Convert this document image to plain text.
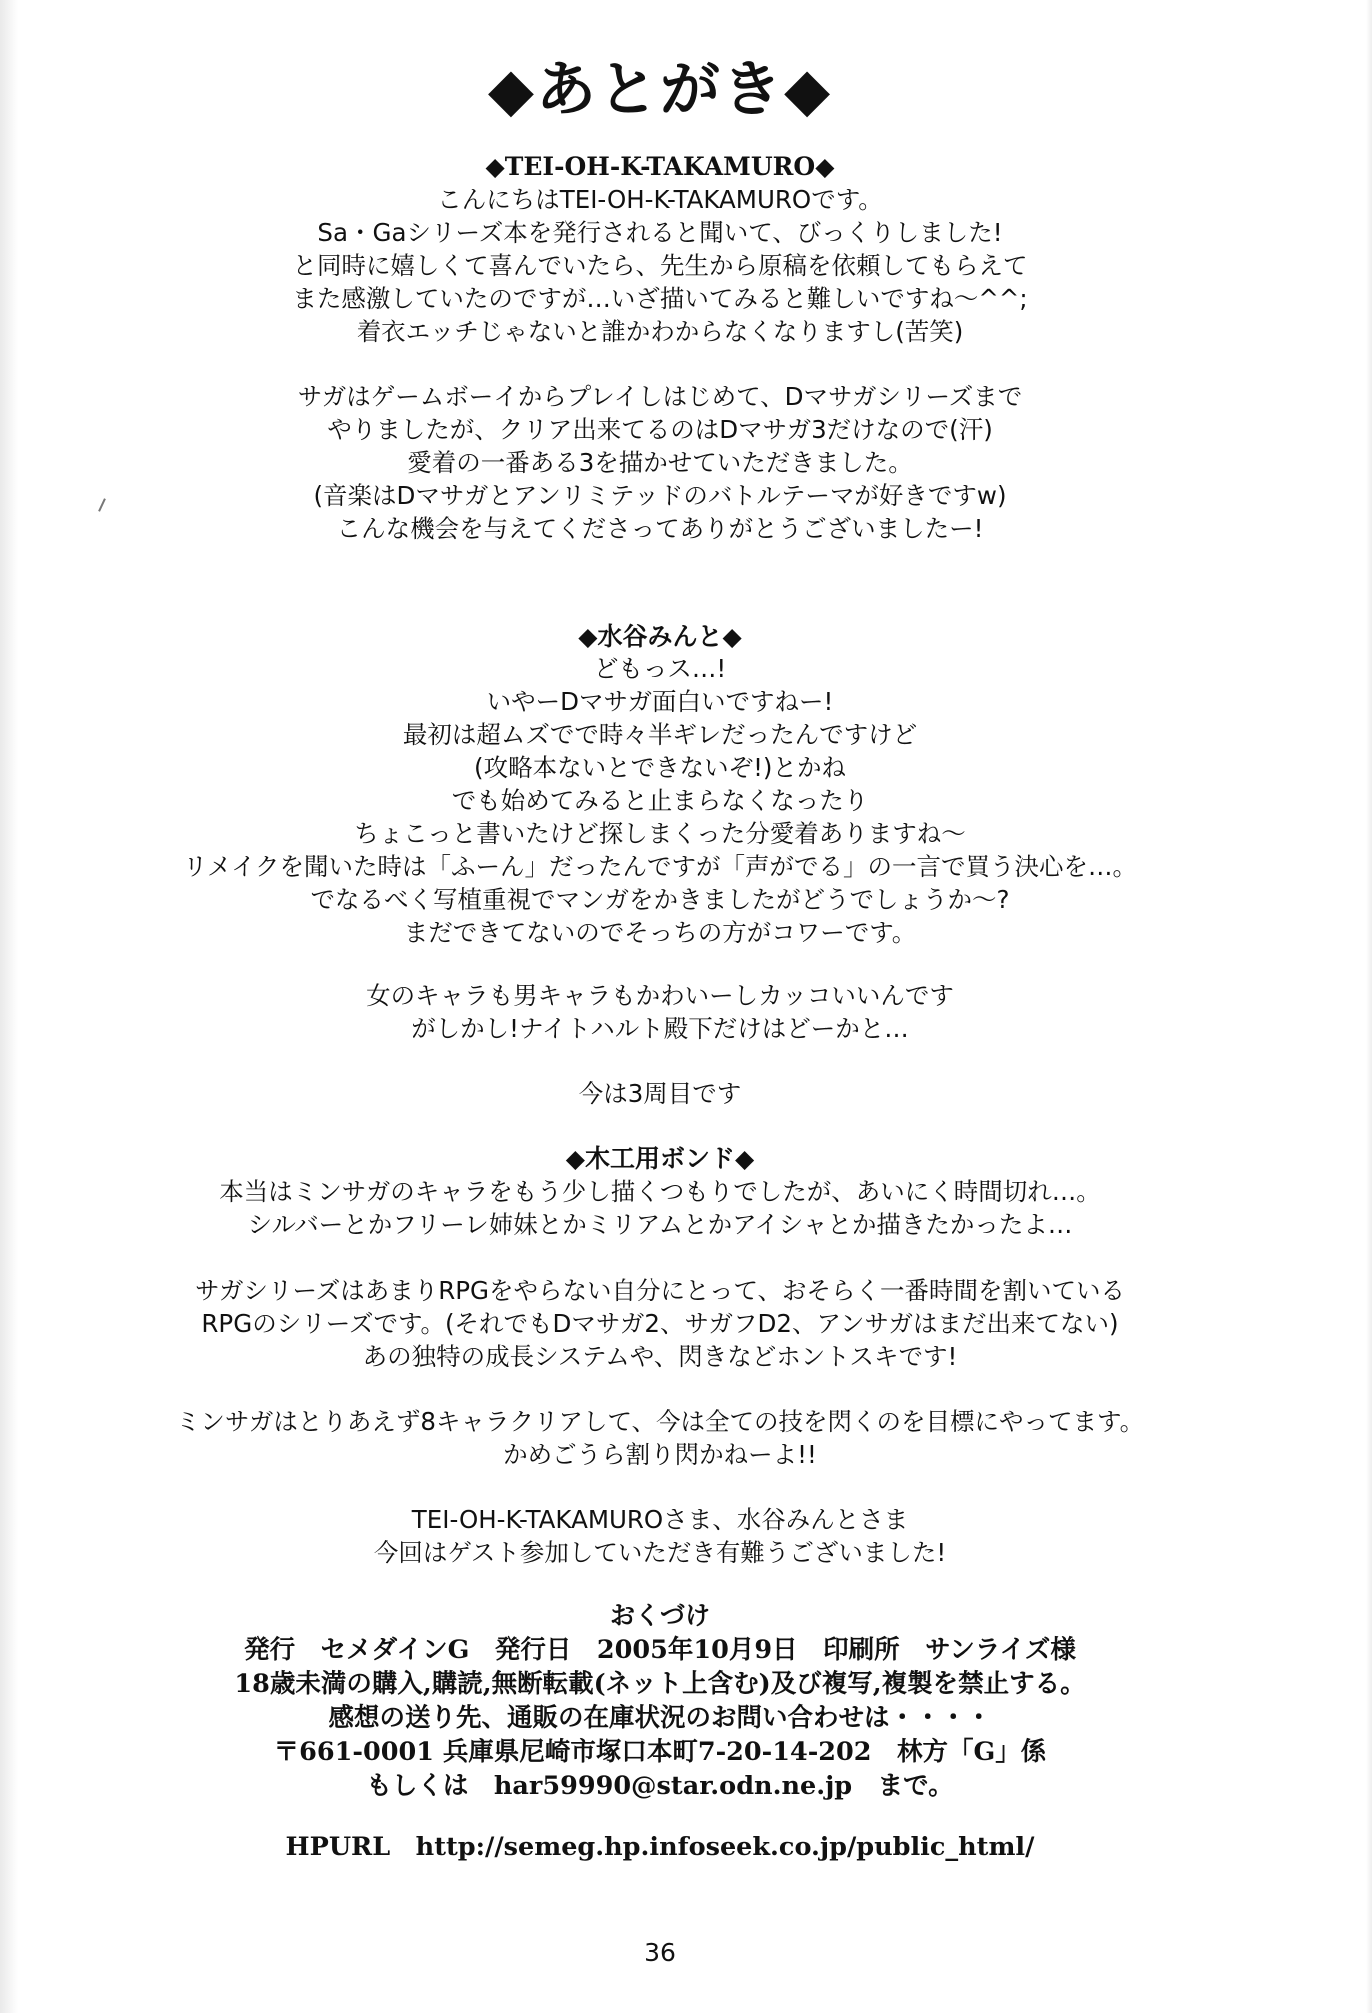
◆あとがき◆
◆TEI-OH-K-TAKAMURO◆
こんにちはTEI-OH-K-TAKAMUROです。
Sa・Gaシリーズ本を発行されると聞いて、びっくりしました!
と同時に嬉しくて喜んでいたら、先生から原稿を依頼してもらえて
また感激していたのですが…いざ描いてみると難しいですね～^^;
着衣エッチじゃないと誰かわからなくなりますし(苦笑)
サガはゲームボーイからプレイしはじめて、Dマサガシリーズまで
やりましたが、クリア出来てるのはDマサガ3だけなので(汗)
愛着の一番ある3を描かせていただきました。
(音楽はDマサガとアンリミテッドのバトルテーマが好きですw)
こんな機会を与えてくださってありがとうございましたー!
◆水谷みんと◆
どもっス…!
いやーDマサガ面白いですねー!
最初は超ムズでで時々半ギレだったんですけど
(攻略本ないとできないぞ!)とかね
でも始めてみると止まらなくなったり
ちょこっと書いたけど探しまくった分愛着ありますね～
リメイクを聞いた時は「ふーん」だったんですが「声がでる」の一言で買う決心を…。
でなるべく写植重視でマンガをかきましたがどうでしょうか～?
まだできてないのでそっちの方がコワーです。
女のキャラも男キャラもかわいーしカッコいいんです
がしかし!ナイトハルト殿下だけはどーかと…
今は3周目です
◆木工用ボンド◆
本当はミンサガのキャラをもう少し描くつもりでしたが、あいにく時間切れ…。
シルバーとかフリーレ姉妹とかミリアムとかアイシャとか描きたかったよ…
サガシリーズはあまりRPGをやらない自分にとって、おそらく一番時間を割いている
RPGのシリーズです。(それでもDマサガ2、サガフD2、アンサガはまだ出来てない)
あの独特の成長システムや、閃きなどホントスキです!
ミンサガはとりあえず8キャラクリアして、今は全ての技を閃くのを目標にやってます。
かめごうら割り閃かねーよ!!
TEI-OH-K-TAKAMUROさま、水谷みんとさま
今回はゲスト参加していただき有難うございました!
おくづけ
発行　セメダインG　発行日　2005年10月9日　印刷所　サンライズ様
18歳未満の購入,購読,無断転載(ネット上含む)及び複写,複製を禁止する。
感想の送り先、通販の在庫状況のお問い合わせは・・・・
〒661-0001 兵庫県尼崎市塚口本町7-20-14-202　林方「G」係
もしくは　har59990@star.odn.ne.jp　まで。
HPURL　http://semeg.hp.infoseek.co.jp/public_html/
36
